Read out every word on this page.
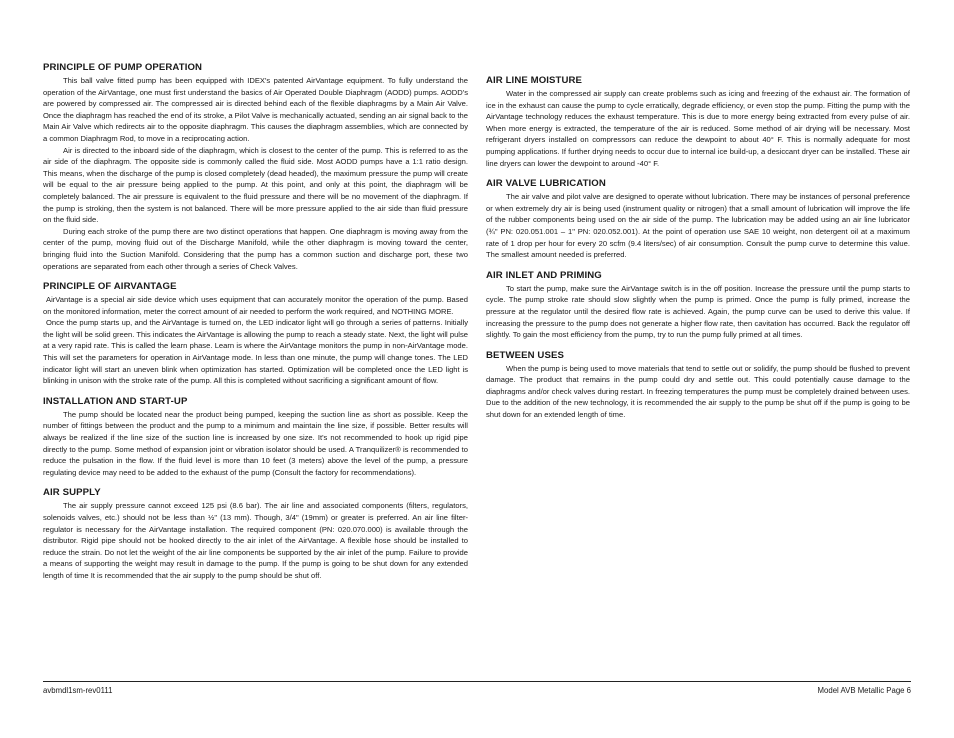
PRINCIPLE OF PUMP OPERATION

This ball valve fitted pump has been equipped with IDEX's patented AirVantage equipment. To fully understand the operation of the AirVantage, one must first understand the basics of Air Operated Double Diaphragm (AODD) pumps. AODD's are powered by compressed air. The compressed air is directed behind each of the flexible diaphragms by a Main Air Valve. Once the diaphragm has reached the end of its stroke, a Pilot Valve is mechanically actuated, sending an air signal back to the Main Air Valve which redirects air to the opposite diaphragm. This causes the diaphragm assemblies, which are connected by a common Diaphragm Rod, to move in a reciprocating action.

Air is directed to the inboard side of the diaphragm, which is closest to the center of the pump. This is referred to as the air side of the diaphragm. The opposite side is commonly called the fluid side. Most AODD pumps have a 1:1 ratio design. This means, when the discharge of the pump is closed completely (dead headed), the maximum pressure the pump will create will be equal to the air pressure being applied to the pump. At this point, and only at this point, the diaphragm will be completely balanced. The air pressure is equivalent to the fluid pressure and there will be no movement of the diaphragm. If the pump is stroking, then the system is not balanced. There will be more pressure applied to the air side than fluid pressure on the fluid side.

During each stroke of the pump there are two distinct operations that happen. One diaphragm is moving away from the center of the pump, moving fluid out of the Discharge Manifold, while the other diaphragm is moving toward the center, bringing fluid into the Suction Manifold. Considering that the pump has a common suction and discharge port, these two operations are separated from each other through a series of Check Valves.

PRINCIPLE OF AIRVANTAGE

AirVantage is a special air side device which uses equipment that can accurately monitor the operation of the pump. Based on the monitored information, meter the correct amount of air needed to perform the work required, and NOTHING MORE.

Once the pump starts up, and the AirVantage is turned on, the LED indicator light will go through a series of patterns. Initially the light will be solid green. This indicates the AirVantage is allowing the pump to reach a steady state. Next, the light will pulse at a very rapid rate. This is called the learn phase. Learn is where the AirVantage monitors the pump in non-AirVantage mode. This will set the parameters for operation in AirVantage mode. In less than one minute, the pump will change tones. The LED indicator light will start an uneven blink when optimization has started. Optimization will be completed once the LED light is blinking in unison with the stroke rate of the pump. All this is completed without sacrificing a significant amount of flow.

INSTALLATION AND START-UP

The pump should be located near the product being pumped, keeping the suction line as short as possible. Keep the number of fittings between the product and the pump to a minimum and maintain the line size, if possible. Better results will always be realized if the line size of the suction line is increased by one size. It's not recommended to hook up rigid pipe directly to the pump. Some method of expansion joint or vibration isolator should be used. A Tranquilizer® is recommended to reduce the pulsation in the flow. If the fluid level is more than 10 feet (3 meters) above the level of the pump, a pressure regulating device may need to be added to the exhaust of the pump (Consult the factory for recommendations).

AIR SUPPLY

The air supply pressure cannot exceed 125 psi (8.6 bar). The air line and associated components (filters, regulators, solenoids valves, etc.) should not be less than ½" (13 mm). Though, 3/4" (19mm) or greater is preferred. An air line filter-regulator is necessary for the AirVantage installation. The required component (PN: 020.070.000) is available through the distributor. Rigid pipe should not be hooked directly to the air inlet of the AirVantage. A flexible hose should be installed to reduce the strain. Do not let the weight of the air line components be supported by the air inlet of the pump. Failure to provide a means of supporting the weight may result in damage to the pump. If the pump is going to be shut down for any extended length of time It is recommended that the air supply to the pump should be shut off.

AIR LINE MOISTURE

Water in the compressed air supply can create problems such as icing and freezing of the exhaust air. The formation of ice in the exhaust can cause the pump to cycle erratically, degrade efficiency, or even stop the pump. Fitting the pump with the AirVantage technology reduces the exhaust temperature. This is due to more energy being extracted from every pulse of air. When more energy is extracted, the temperature of the air is reduced. Some method of air drying will be necessary. Most refrigerant dryers installed on compressors can reduce the dewpoint to about 40° F. This is normally adequate for most pumping applications. If further drying needs to occur due to internal ice build-up, a desiccant dryer can be installed. These air line dryers can lower the dewpoint to around -40° F.

AIR VALVE LUBRICATION

The air valve and pilot valve are designed to operate without lubrication. There may be instances of personal preference or when extremely dry air is being used (instrument quality or nitrogen) that a small amount of lubrication will improve the life of the rubber components being used on the air side of the pump. The lubrication may be added using an air line lubricator (¾" PN: 020.051.001 – 1" PN: 020.052.001). At the point of operation use SAE 10 weight, non detergent oil at a maximum rate of 1 drop per hour for every 20 scfm (9.4 liters/sec) of air consumption. Consult the pump curve to determine this value. The smallest amount needed is preferred.

AIR INLET AND PRIMING

To start the pump, make sure the AirVantage switch is in the off position. Increase the pressure until the pump starts to cycle. The pump stroke rate should slow slightly when the pump is primed. Once the pump is fully primed, increase the pressure at the regulator until the desired flow rate is achieved. Again, the pump curve can be used to derive this value. If increasing the pressure to the pump does not generate a higher flow rate, then cavitation has occurred. Back the regulator off slightly. To gain the most efficiency from the pump, try to run the pump fully primed at all times.

BETWEEN USES

When the pump is being used to move materials that tend to settle out or solidify, the pump should be flushed to prevent damage. The product that remains in the pump could dry and settle out. This could potentially cause damage to the diaphragms and/or check valves during restart. In freezing temperatures the pump must be completely drained between uses. Due to the addition of the new technology, it is recommended the air supply to the pump be shut off if the pump is going to be shut down for an extended length of time.

avbmdl1sm-rev0111	Model AVB Metallic Page 6
